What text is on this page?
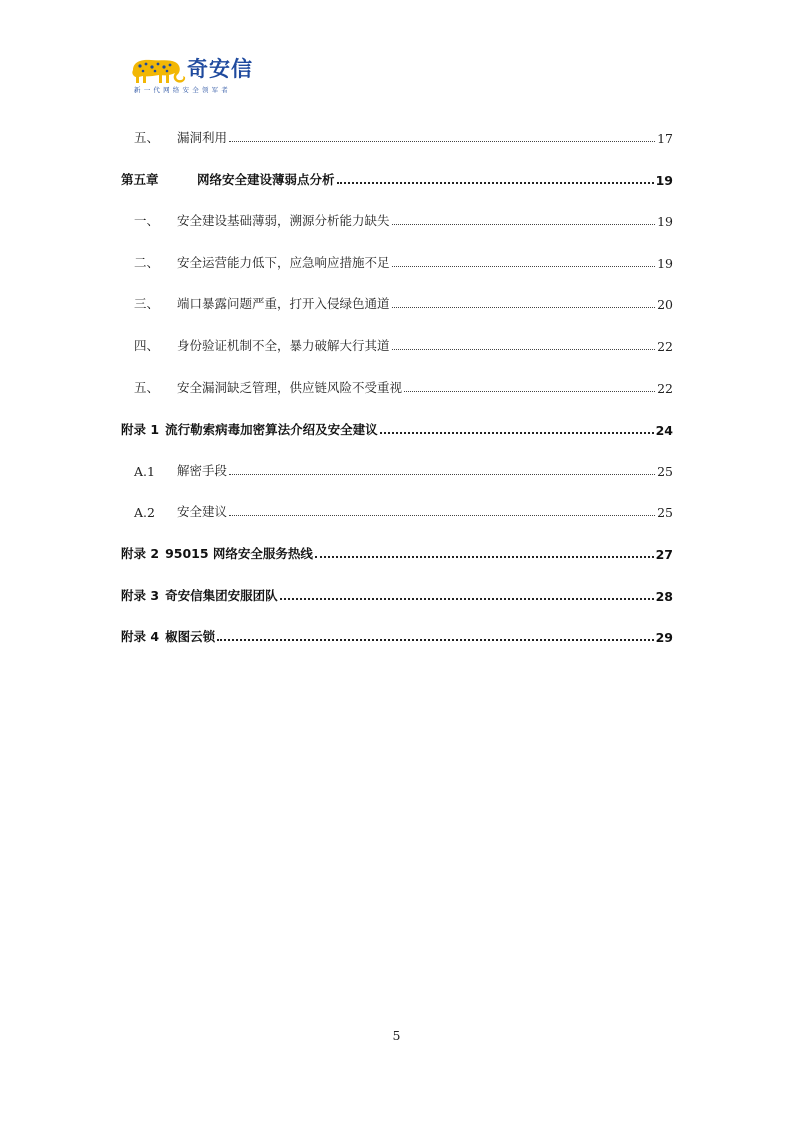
奇安信
新一代网络安全领军者
五、	漏洞利用	17
第五章	网络安全建设薄弱点分析	19
一、	安全建设基础薄弱，溯源分析能力缺失	19
二、	安全运营能力低下，应急响应措施不足	19
三、	端口暴露问题严重，打开入侵绿色通道	20
四、	身份验证机制不全，暴力破解大行其道	22
五、	安全漏洞缺乏管理，供应链风险不受重视	22
附录 1 流行勒索病毒加密算法介绍及安全建议	24
A.1	解密手段	25
A.2	安全建议	25
附录 2 95015 网络安全服务热线	27
附录 3 奇安信集团安服团队	28
附录 4 椒图云锁	29
5
